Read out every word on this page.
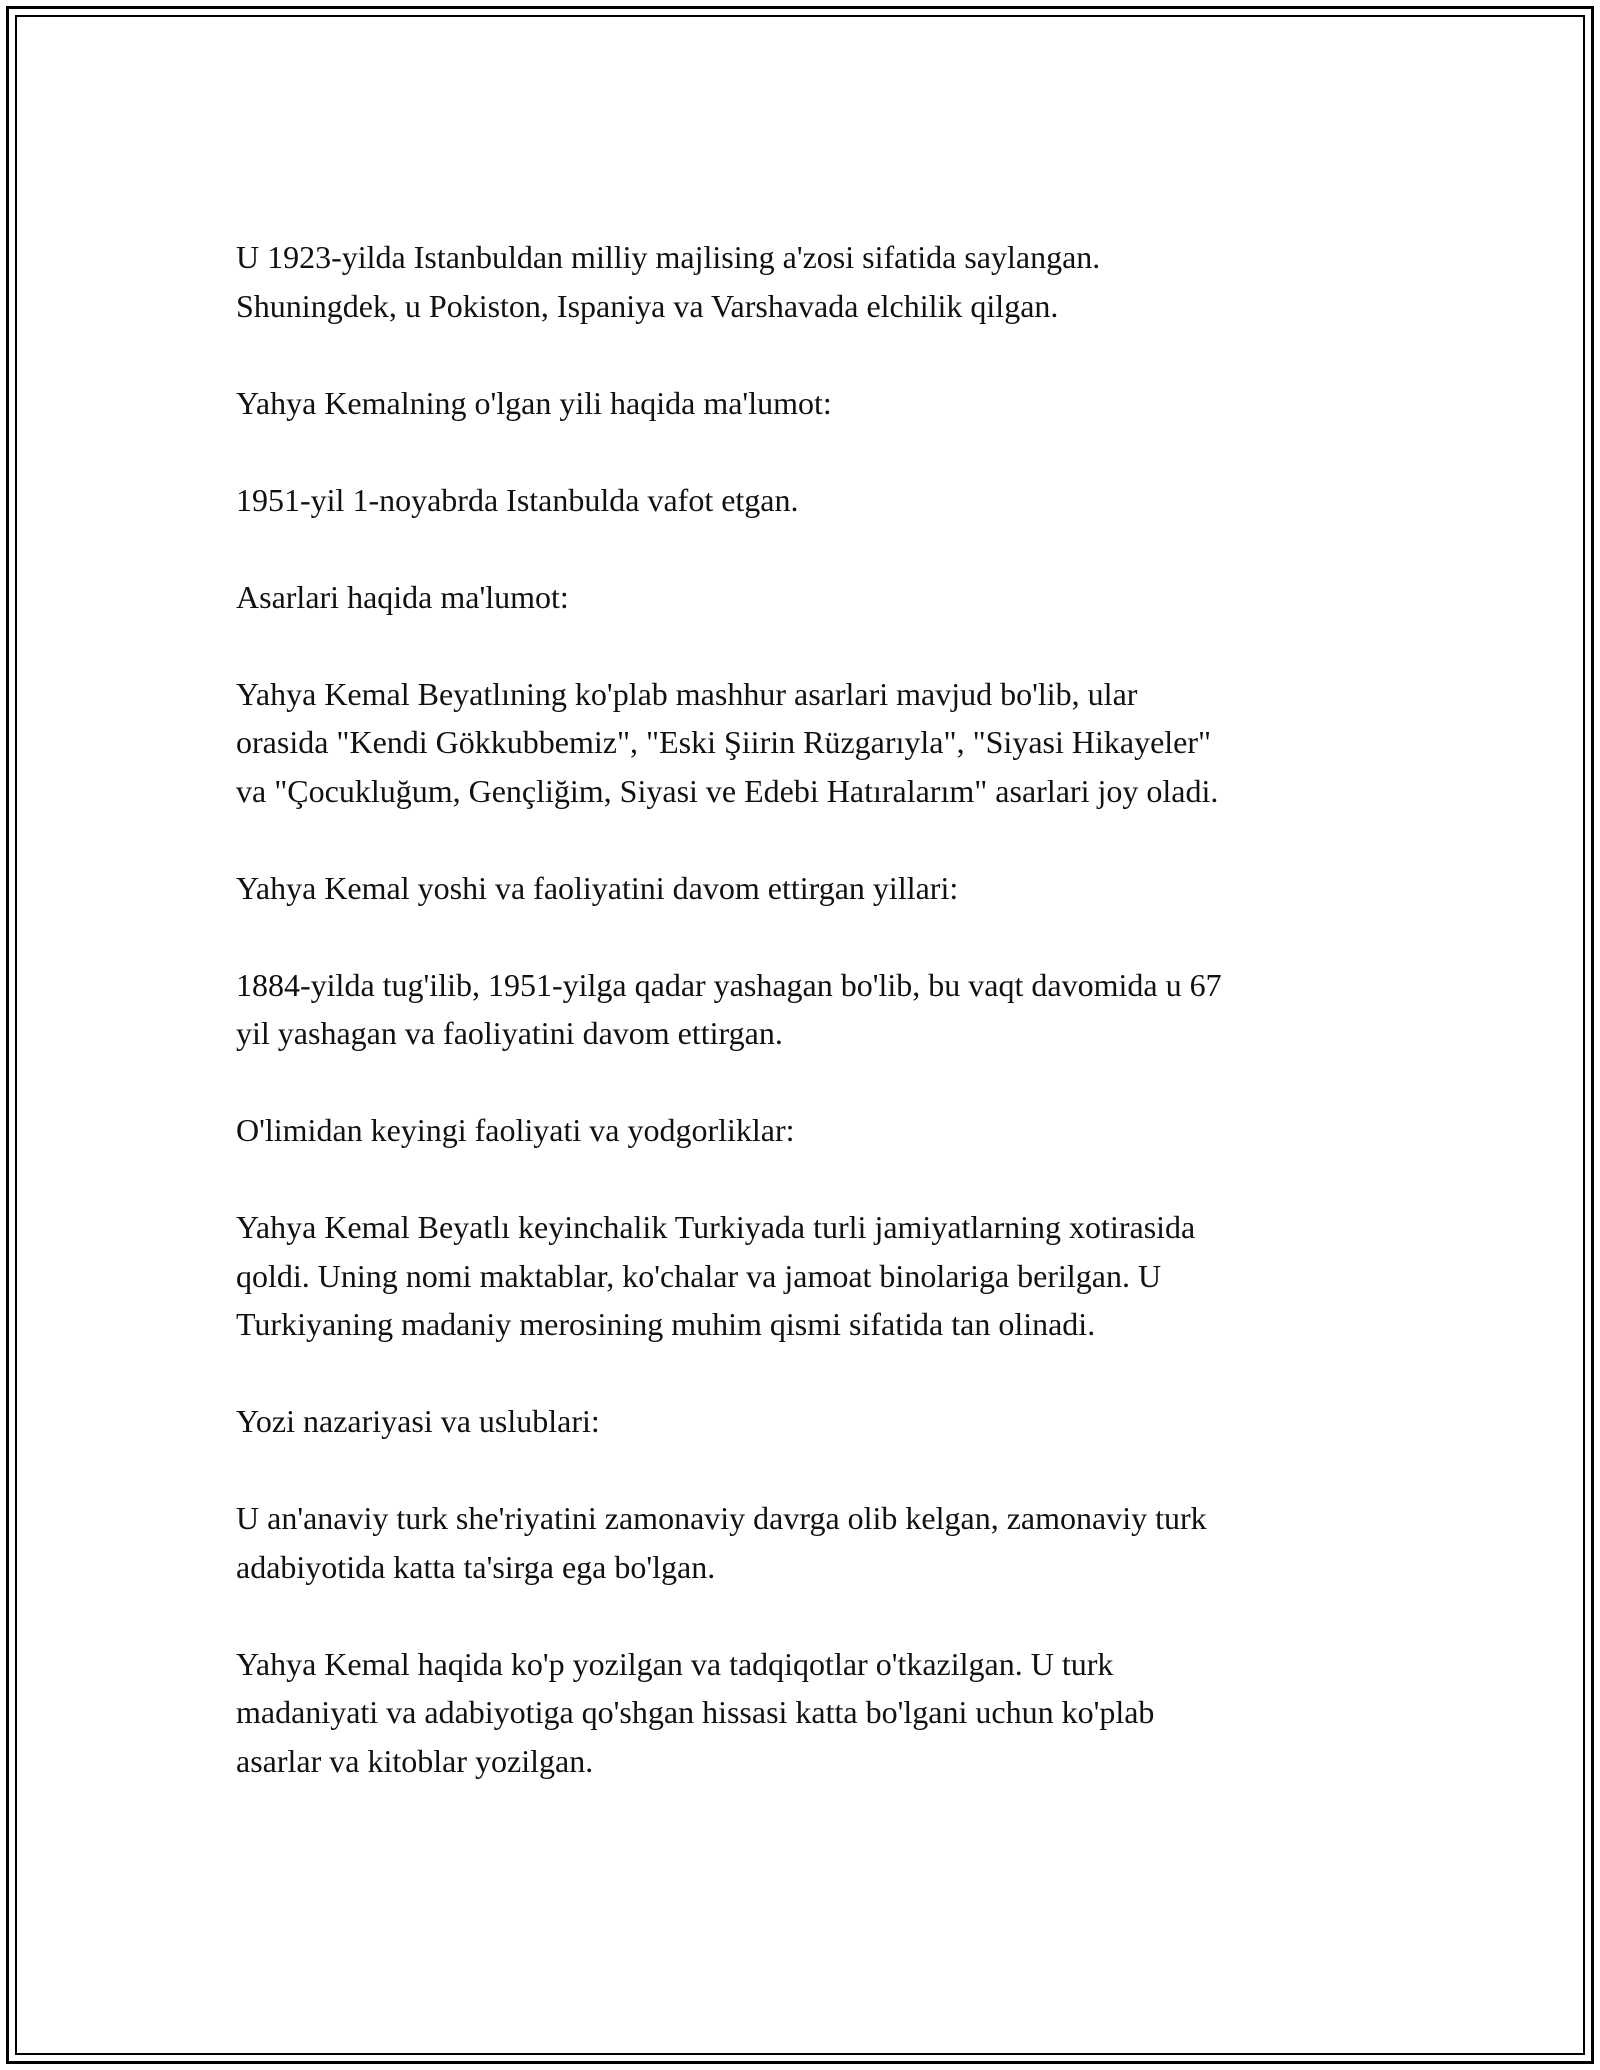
U 1923-yilda Istanbuldan milliy majlising a'zosi sifatida saylangan.
Shuningdek, u Pokiston, Ispaniya va Varshavada elchilik qilgan.

Yahya Kemalning o'lgan yili haqida ma'lumot:

1951-yil 1-noyabrda Istanbulda vafot etgan.

Asarlari haqida ma'lumot:

Yahya Kemal Beyatlıning ko'plab mashhur asarlari mavjud bo'lib, ular
orasida "Kendi Gökkubbemiz", "Eski Şiirin Rüzgarıyla", "Siyasi Hikayeler"
va "Çocukluğum, Gençliğim, Siyasi ve Edebi Hatıralarım" asarlari joy oladi.

Yahya Kemal yoshi va faoliyatini davom ettirgan yillari:

1884-yilda tug'ilib, 1951-yilga qadar yashagan bo'lib, bu vaqt davomida u 67
yil yashagan va faoliyatini davom ettirgan.

O'limidan keyingi faoliyati va yodgorliklar:

Yahya Kemal Beyatlı keyinchalik Turkiyada turli jamiyatlarning xotirasida
qoldi. Uning nomi maktablar, ko'chalar va jamoat binolariga berilgan. U
Turkiyaning madaniy merosining muhim qismi sifatida tan olinadi.

Yozi nazariyasi va uslublari:

U an'anaviy turk she'riyatini zamonaviy davrga olib kelgan, zamonaviy turk
adabiyotida katta ta'sirga ega bo'lgan.

Yahya Kemal haqida ko'p yozilgan va tadqiqotlar o'tkazilgan. U turk
madaniyati va adabiyotiga qo'shgan hissasi katta bo'lgani uchun ko'plab
asarlar va kitoblar yozilgan.
